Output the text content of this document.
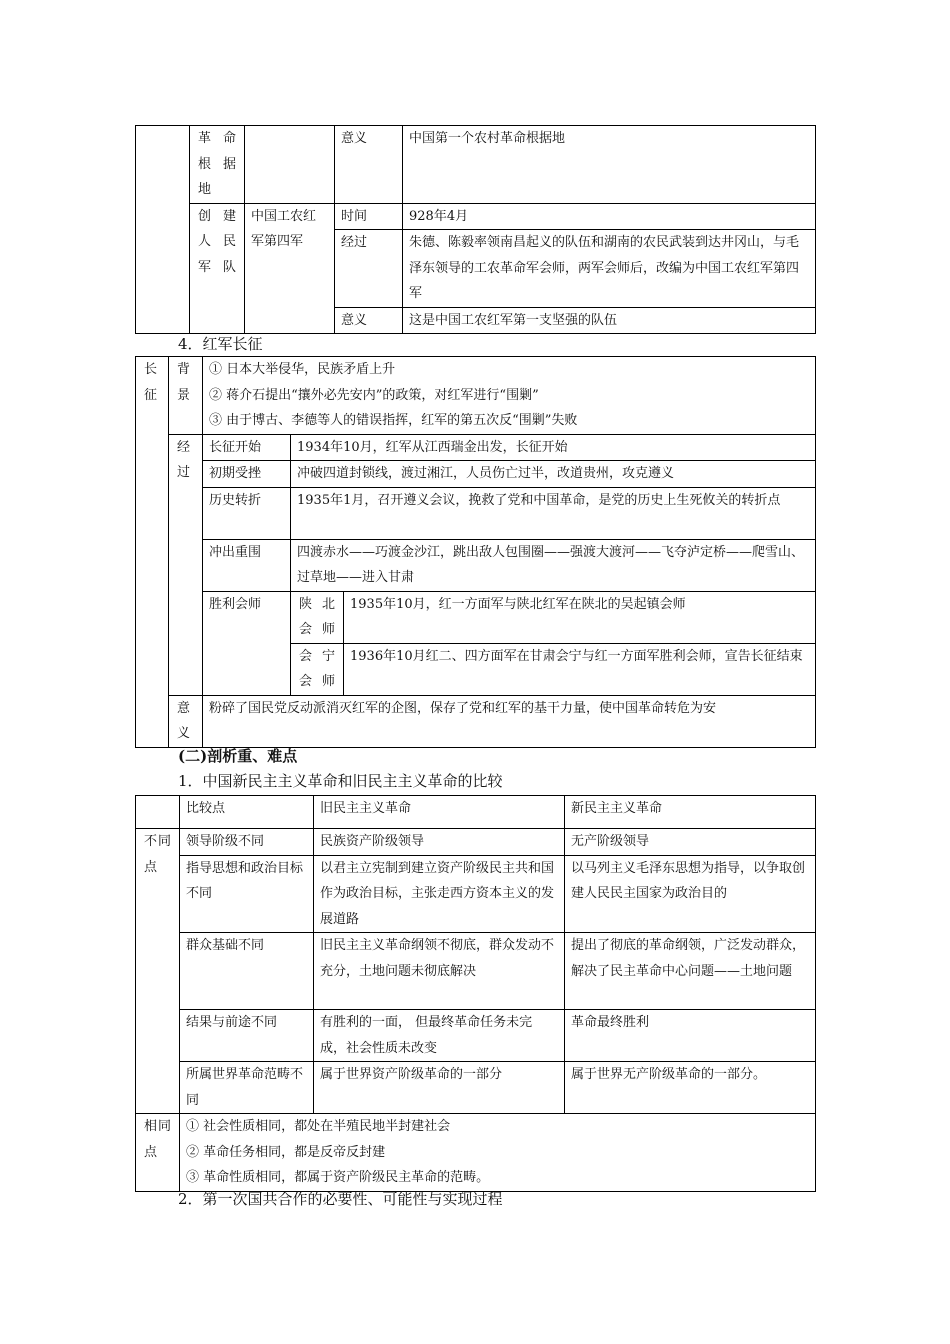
	革命根据地		意义	中国第一个农村革命根据地
	创建人民军队	中国工农红军第四军	时间	928年4月
			经过	朱德、陈毅率领南昌起义的队伍和湖南的农民武装到达井冈山，与毛泽东领导的工农革命军会师，两军会师后，改编为中国工农红军第四军
			意义	这是中国工农红军第一支坚强的队伍
4．红军长征
长征	背景	① 日本大举侵华，民族矛盾上升
② 蒋介石提出“攘外必先安内”的政策，对红军进行“围剿”
③ 由于博古、李德等人的错误指挥，红军的第五次反“围剿”失败		

	经过	长征开始	1934年10月，红军从江西瑞金出发，长征开始	
		初期受挫	冲破四道封锁线，渡过湘江，人员伤亡过半，改道贵州，攻克遵义	
		历史转折	1935年1月，召开遵义会议，挽救了党和中国革命，是党的历史上生死攸关的转折点	
		冲出重围	四渡赤水——巧渡金沙江，跳出敌人包围圈——强渡大渡河——飞夺泸定桥——爬雪山、过草地——进入甘肃	
		胜利会师	陕北会师	1935年10月，红一方面军与陕北红军在陕北的吴起镇会师
			会宁会师	1936年10月红二、四方面军在甘肃会宁与红一方面军胜利会师，宣告长征结束
	意义	粉碎了国民党反动派消灭红军的企图，保存了党和红军的基干力量，使中国革命转危为安		
(二)剖析重、难点
1．中国新民主主义革命和旧民主主义革命的比较
	比较点	旧民主主义革命	新民主主义革命
不同点	领导阶级不同	民族资产阶级领导	无产阶级领导
	指导思想和政治目标不同	以君主立宪制到建立资产阶级民主共和国作为政治目标，主张走西方资本主义的发展道路	以马列主义毛泽东思想为指导，以争取创建人民民主国家为政治目的
	群众基础不同	旧民主主义革命纲领不彻底，群众发动不充分，土地问题未彻底解决	提出了彻底的革命纲领，广泛发动群众，解决了民主革命中心问题——土地问题
	结果与前途不同	有胜利的一面， 但最终革命任务未完成，社会性质未改变	革命最终胜利
	所属世界革命范畴不同	属于世界资产阶级革命的一部分	属于世界无产阶级革命的一部分。
相同点	① 社会性质相同，都处在半殖民地半封建社会
② 革命任务相同，都是反帝反封建
③ 革命性质相同，都属于资产阶级民主革命的范畴。		
2．第一次国共合作的必要性、可能性与实现过程
